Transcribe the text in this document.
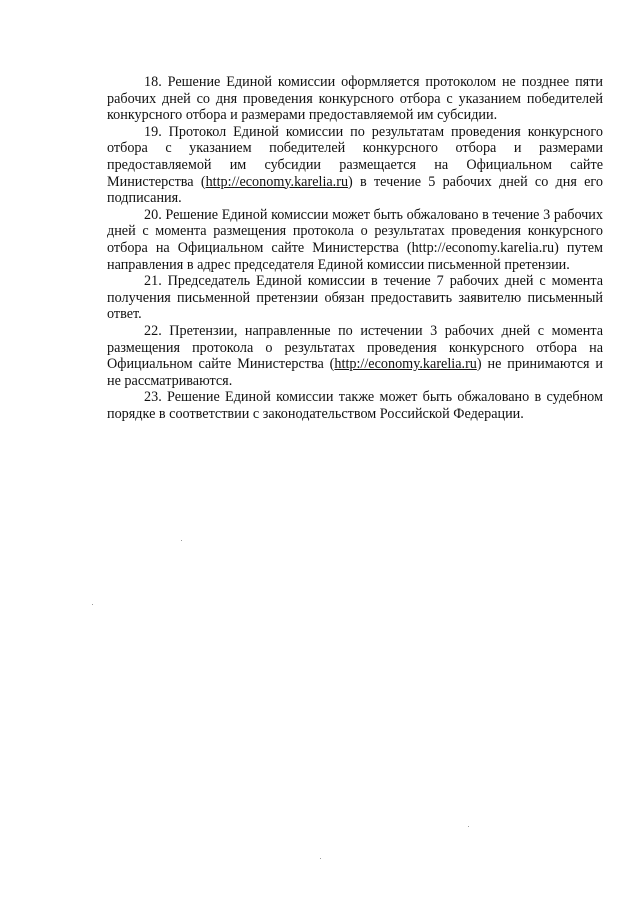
18. Решение Единой комиссии оформляется протоколом не позднее пяти рабочих дней со дня проведения конкурсного отбора с указанием победителей конкурсного отбора и размерами предоставляемой им субсидии.

19. Протокол Единой комиссии по результатам проведения конкурсного отбора с указанием победителей конкурсного отбора и размерами предоставляемой им субсидии размещается на Официальном сайте Министерства (http://economy.karelia.ru) в течение 5 рабочих дней со дня его подписания.

20. Решение Единой комиссии может быть обжаловано в течение 3 рабочих дней с момента размещения протокола о результатах проведения конкурсного отбора на Официальном сайте Министерства (http://economy.karelia.ru) путем направления в адрес председателя Единой комиссии письменной претензии.

21. Председатель Единой комиссии в течение 7 рабочих дней с момента получения письменной претензии обязан предоставить заявителю письменный ответ.

22. Претензии, направленные по истечении 3 рабочих дней с момента размещения протокола о результатах проведения конкурсного отбора на Официальном сайте Министерства (http://economy.karelia.ru) не принимаются и не рассматриваются.

23. Решение Единой комиссии также может быть обжаловано в судебном порядке в соответствии с законодательством Российской Федерации.
